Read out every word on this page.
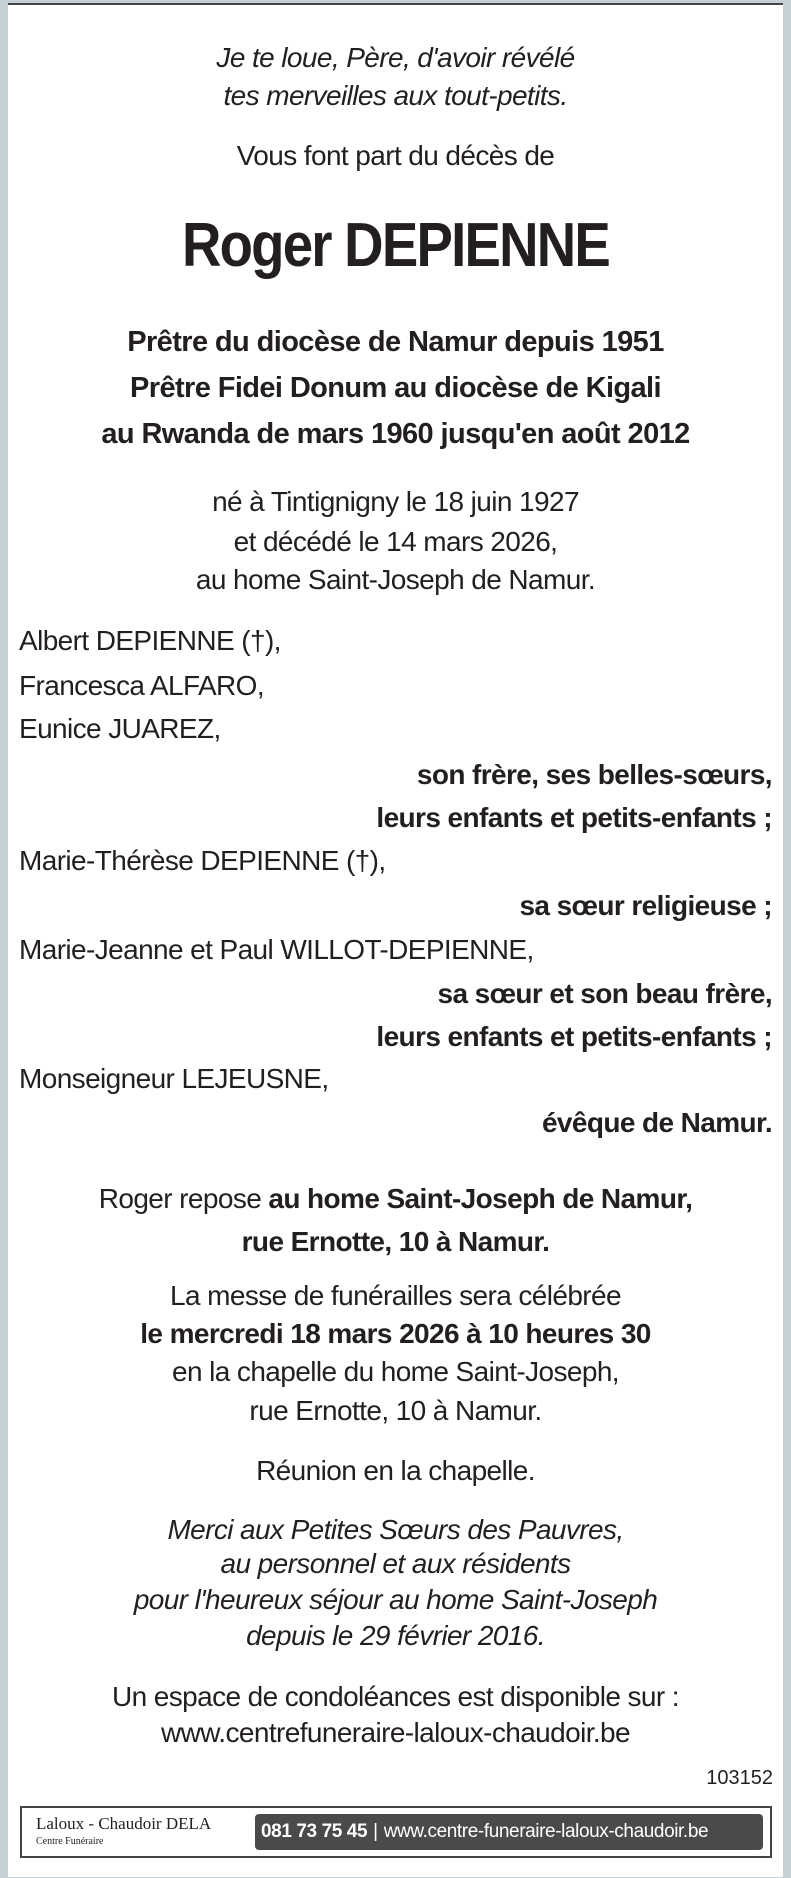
Je te loue, Père, d'avoir révélé
tes merveilles aux tout-petits.
Vous font part du décès de
Roger DEPIENNE
Prêtre du diocèse de Namur depuis 1951
Prêtre Fidei Donum au diocèse de Kigali
au Rwanda de mars 1960 jusqu'en août 2012
né à Tintignigny le 18 juin 1927
et décédé le 14 mars 2026,
au home Saint-Joseph de Namur.
Albert DEPIENNE (†),
Francesca ALFARO,
Eunice JUAREZ,
son frère, ses belles-sœurs,
leurs enfants et petits-enfants ;
Marie-Thérèse DEPIENNE (†),
sa sœur religieuse ;
Marie-Jeanne et Paul WILLOT-DEPIENNE,
sa sœur et son beau frère,
leurs enfants et petits-enfants ;
Monseigneur LEJEUSNE,
évêque de Namur.
Roger repose au home Saint-Joseph de Namur,
rue Ernotte, 10 à Namur.
La messe de funérailles sera célébrée
le mercredi 18 mars 2026 à 10 heures 30
en la chapelle du home Saint-Joseph,
rue Ernotte, 10 à Namur.
Réunion en la chapelle.
Merci aux Petites Sœurs des Pauvres,
au personnel et aux résidents
pour l'heureux séjour au home Saint-Joseph
depuis le 29 février 2016.
Un espace de condoléances est disponible sur :
www.centrefuneraire-laloux-chaudoir.be
103152
Laloux - Chaudoir DELA
Centre Funéraire	081 73 75 45 | www.centre-funeraire-laloux-chaudoir.be
